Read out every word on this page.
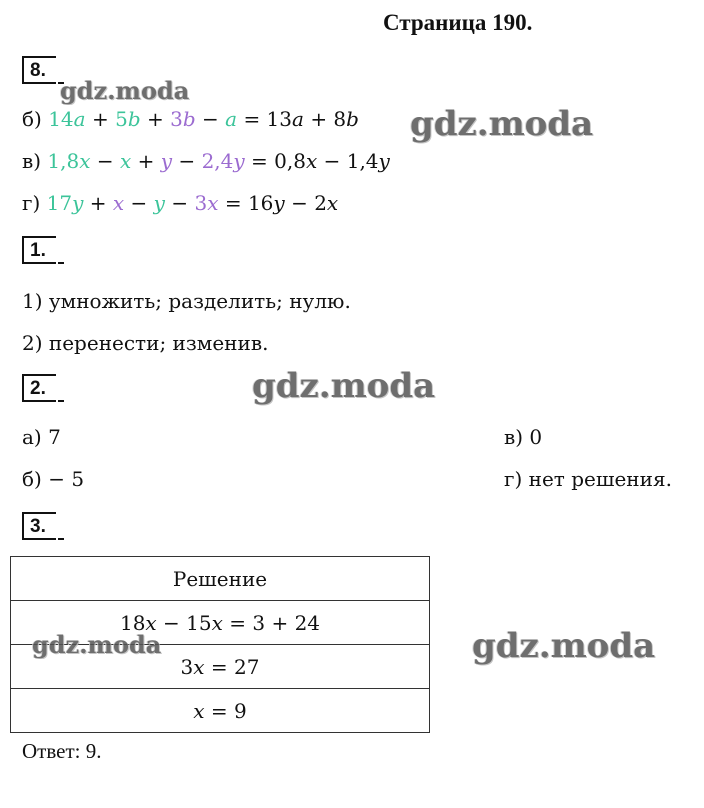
Страница 190.
8.
gdz.moda
б) 14a + 5b + 3b − a = 13a + 8b gdz.moda
в) 1,8x − x + y − 2,4y = 0,8x − 1,4y
г) 17y + x − y − 3x = 16y − 2x
1.
1) умножить; разделить; нулю.
2) перенести; изменив.
2.	gdz.moda
а) 7	в) 0
б) − 5	г) нет решения.
3.
Решение
18x − 15x = 3 + 24
3x = 27
x = 9
gdz.moda	gdz.moda
Ответ: 9.
